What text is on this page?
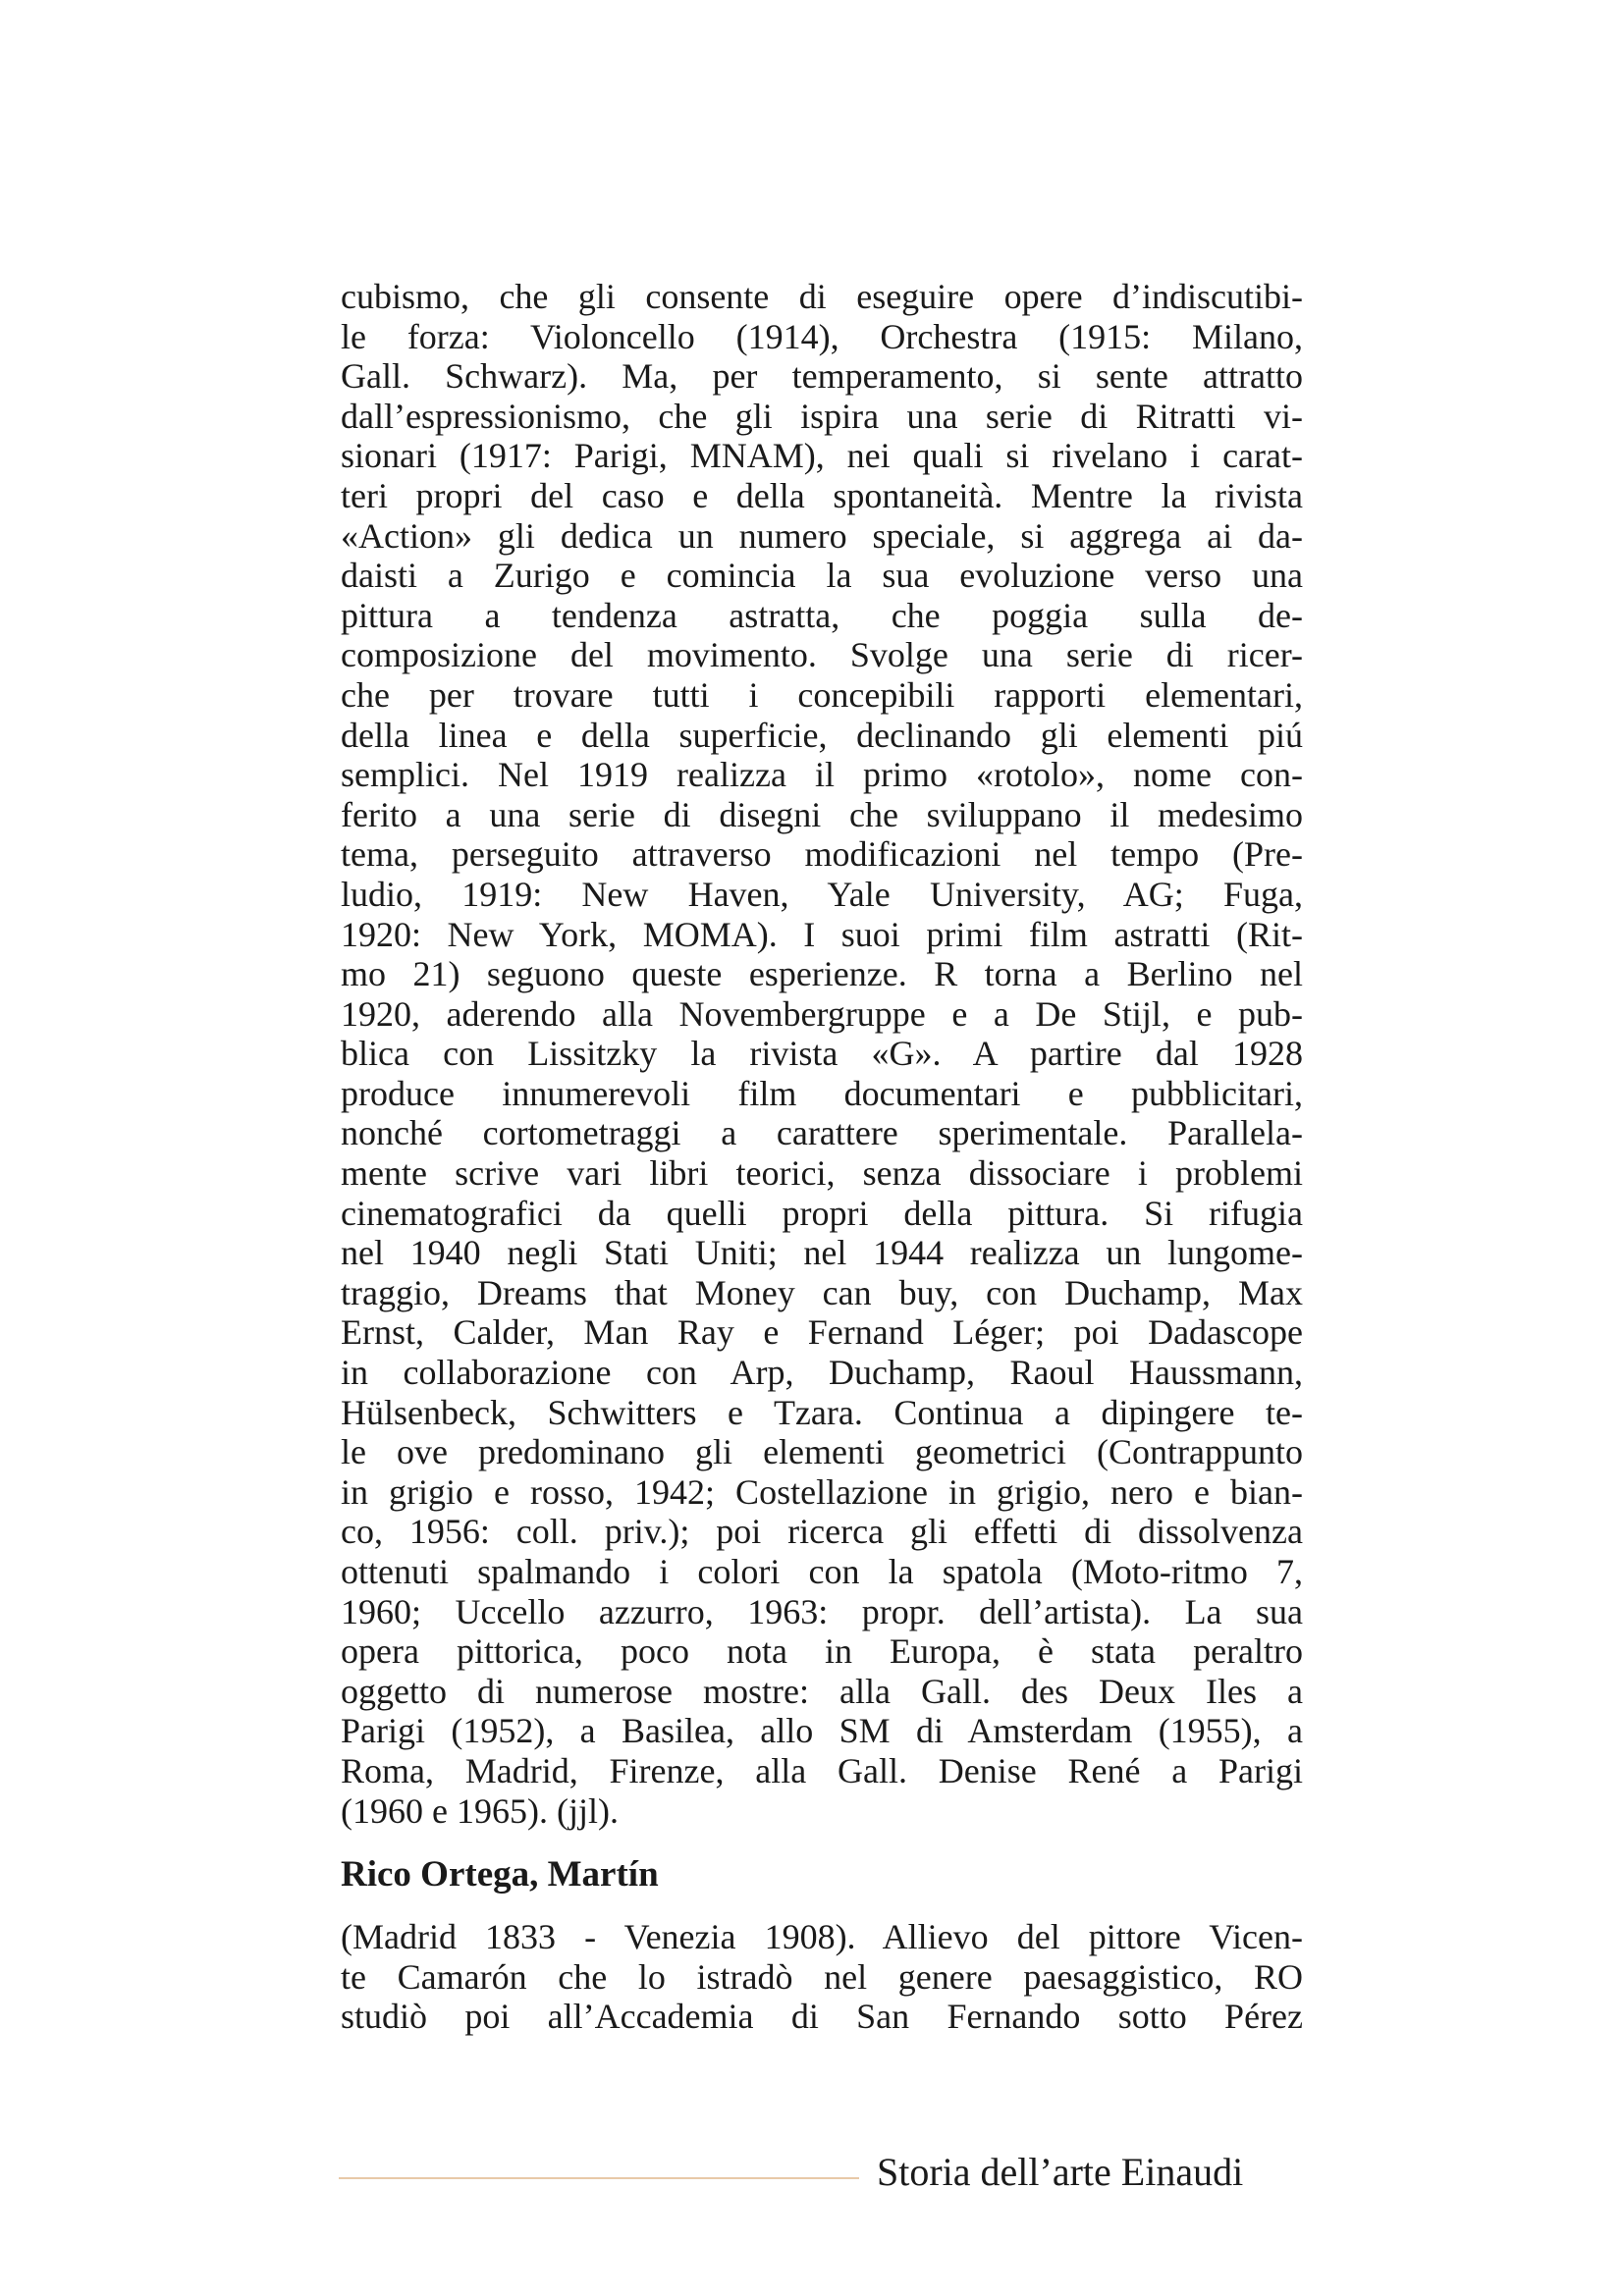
cubismo, che gli consente di eseguire opere d’indiscutibi-
le forza: Violoncello (1914), Orchestra (1915: Milano,
Gall. Schwarz). Ma, per temperamento, si sente attratto
dall’espressionismo, che gli ispira una serie di Ritratti vi-
sionari (1917: Parigi, MNAM), nei quali si rivelano i carat-
teri propri del caso e della spontaneità. Mentre la rivista
«Action» gli dedica un numero speciale, si aggrega ai da-
daisti a Zurigo e comincia la sua evoluzione verso una
pittura a tendenza astratta, che poggia sulla de-
composizione del movimento. Svolge una serie di ricer-
che per trovare tutti i concepibili rapporti elementari,
della linea e della superficie, declinando gli elementi piú
semplici. Nel 1919 realizza il primo «rotolo», nome con-
ferito a una serie di disegni che sviluppano il medesimo
tema, perseguito attraverso modificazioni nel tempo (Pre-
ludio, 1919: New Haven, Yale University, AG; Fuga,
1920: New York, MOMA). I suoi primi film astratti (Rit-
mo 21) seguono queste esperienze. R torna a Berlino nel
1920, aderendo alla Novembergruppe e a De Stijl, e pub-
blica con Lissitzky la rivista «G». A partire dal 1928
produce innumerevoli film documentari e pubblicitari,
nonché cortometraggi a carattere sperimentale. Parallela-
mente scrive vari libri teorici, senza dissociare i problemi
cinematografici da quelli propri della pittura. Si rifugia
nel 1940 negli Stati Uniti; nel 1944 realizza un lungome-
traggio, Dreams that Money can buy, con Duchamp, Max
Ernst, Calder, Man Ray e Fernand Léger; poi Dadascope
in collaborazione con Arp, Duchamp, Raoul Haussmann,
Hülsenbeck, Schwitters e Tzara. Continua a dipingere te-
le ove predominano gli elementi geometrici (Contrappunto
in grigio e rosso, 1942; Costellazione in grigio, nero e bian-
co, 1956: coll. priv.); poi ricerca gli effetti di dissolvenza
ottenuti spalmando i colori con la spatola (Moto-ritmo 7,
1960; Uccello azzurro, 1963: propr. dell’artista). La sua
opera pittorica, poco nota in Europa, è stata peraltro
oggetto di numerose mostre: alla Gall. des Deux Iles a
Parigi (1952), a Basilea, allo SM di Amsterdam (1955), a
Roma, Madrid, Firenze, alla Gall. Denise René a Parigi
(1960 e 1965). (jjl).
Rico Ortega, Martín
(Madrid 1833 - Venezia 1908). Allievo del pittore Vicen-
te Camarón che lo istradò nel genere paesaggistico, RO
studiò poi all’Accademia di San Fernando sotto Pérez
Storia dell’arte Einaudi
